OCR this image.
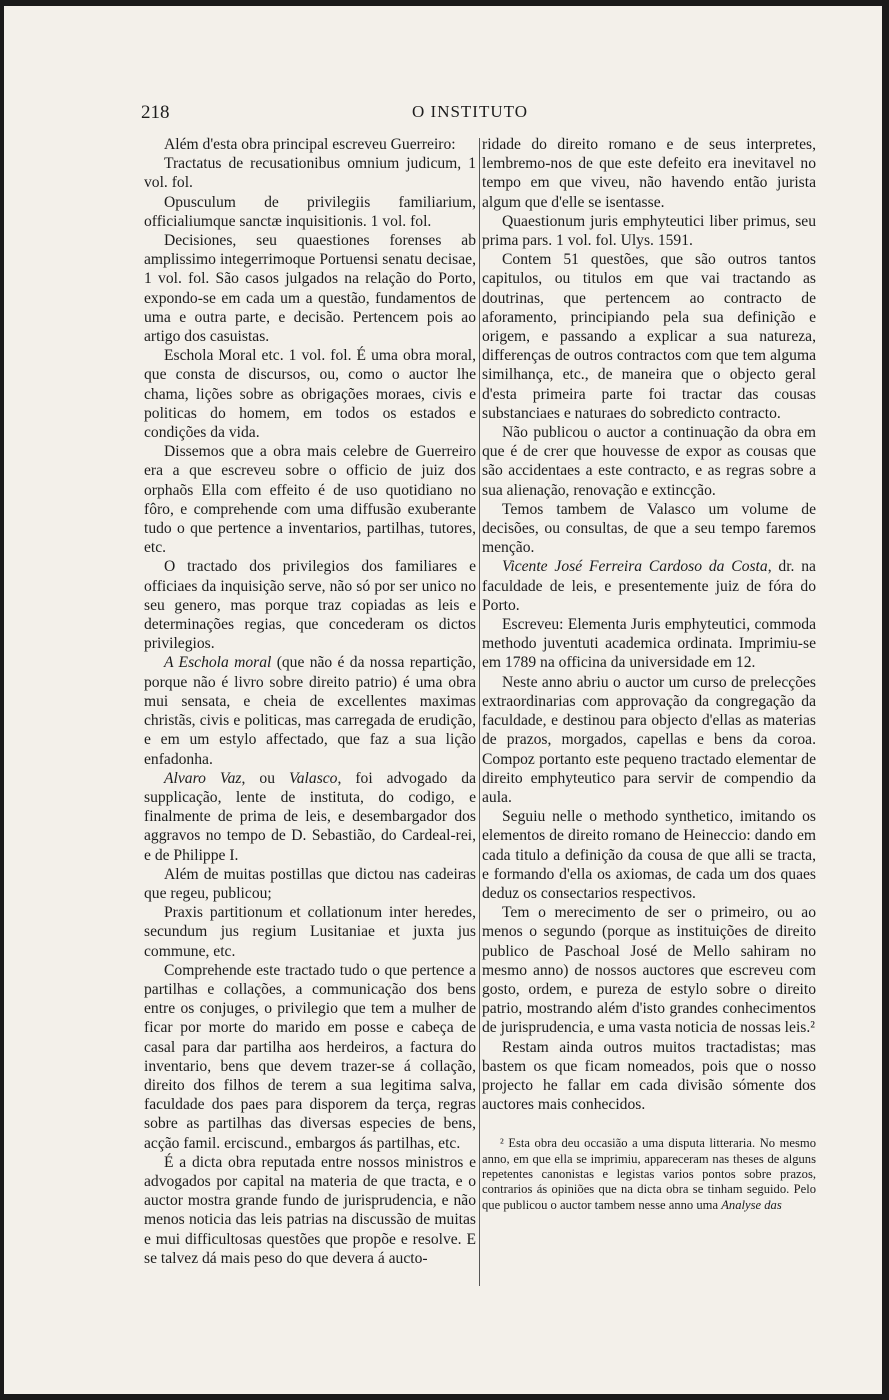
218	O INSTITUTO

Além d'esta obra principal escreveu Guerreiro:

Tractatus de recusationibus omnium judicum, 1 vol. fol.

Opusculum de privilegiis familiarium, officialiumque sanctæ inquisitionis. 1 vol. fol.

Decisiones, seu quaestiones forenses ab amplissimo integerrimoque Portuensi senatu decisae, 1 vol. fol. São casos julgados na relação do Porto, expondo-se em cada um a questão, fundamentos de uma e outra parte, e decisão. Pertencem pois ao artigo dos casuistas.

Eschola Moral etc. 1 vol. fol. É uma obra moral, que consta de discursos, ou, como o auctor lhe chama, lições sobre as obrigações moraes, civis e politicas do homem, em todos os estados e condições da vida.

Dissemos que a obra mais celebre de Guerreiro era a que escreveu sobre o officio de juiz dos orphaõs Ella com effeito é de uso quotidiano no fôro, e comprehende com uma diffusão exuberante tudo o que pertence a inventarios, partilhas, tutores, etc.

O tractado dos privilegios dos familiares e officiaes da inquisição serve, não só por ser unico no seu genero, mas porque traz copiadas as leis e determinações regias, que concederam os dictos privilegios.

A Eschola moral (que não é da nossa repartição, porque não é livro sobre direito patrio) é uma obra mui sensata, e cheia de excellentes maximas christãs, civis e politicas, mas carregada de erudição, e em um estylo affectado, que faz a sua lição enfadonha.

Alvaro Vaz, ou Valasco, foi advogado da supplicação, lente de instituta, do codigo, e finalmente de prima de leis, e desembargador dos aggravos no tempo de D. Sebastião, do Cardeal-rei, e de Philippe I.

Além de muitas postillas que dictou nas cadeiras que regeu, publicou;

Praxis partitionum et collationum inter heredes, secundum jus regium Lusitaniae et juxta jus commune, etc.

Comprehende este tractado tudo o que pertence a partilhas e collações, a communicação dos bens entre os conjuges, o privilegio que tem a mulher de ficar por morte do marido em posse e cabeça de casal para dar partilha aos herdeiros, a factura do inventario, bens que devem trazer-se á collação, direito dos filhos de terem a sua legitima salva, faculdade dos paes para disporem da terça, regras sobre as partilhas das diversas especies de bens, acção famil. erciscund., embargos ás partilhas, etc.

É a dicta obra reputada entre nossos ministros e advogados por capital na materia de que tracta, e o auctor mostra grande fundo de jurisprudencia, e não menos noticia das leis patrias na discussão de muitas e mui difficultosas questões que propõe e resolve. E se talvez dá mais peso do que devera á aucto-

ridade do direito romano e de seus interpretes, lembremo-nos de que este defeito era inevitavel no tempo em que viveu, não havendo então jurista algum que d'elle se isentasse.

Quaestionum juris emphyteutici liber primus, seu prima pars. 1 vol. fol. Ulys. 1591.

Contem 51 questões, que são outros tantos capitulos, ou titulos em que vai tractando as doutrinas, que pertencem ao contracto de aforamento, principiando pela sua definição e origem, e passando a explicar a sua natureza, differenças de outros contractos com que tem alguma similhança, etc., de maneira que o objecto geral d'esta primeira parte foi tractar das cousas substanciaes e naturaes do sobredicto contracto.

Não publicou o auctor a continuação da obra em que é de crer que houvesse de expor as cousas que são accidentaes a este contracto, e as regras sobre a sua alienação, renovação e extincção.

Temos tambem de Valasco um volume de decisões, ou consultas, de que a seu tempo faremos menção.

Vicente José Ferreira Cardoso da Costa, dr. na faculdade de leis, e presentemente juiz de fóra do Porto.

Escreveu: Elementa Juris emphyteutici, commoda methodo juventuti academica ordinata. Imprimiu-se em 1789 na officina da universidade em 12.

Neste anno abriu o auctor um curso de prelecções extraordinarias com approvação da congregação da faculdade, e destinou para objecto d'ellas as materias de prazos, morgados, capellas e bens da coroa. Compoz portanto este pequeno tractado elementar de direito emphyteutico para servir de compendio da aula.

Seguiu nelle o methodo synthetico, imitando os elementos de direito romano de Heineccio: dando em cada titulo a definição da cousa de que alli se tracta, e formando d'ella os axiomas, de cada um dos quaes deduz os consectarios respectivos.

Tem o merecimento de ser o primeiro, ou ao menos o segundo (porque as instituições de direito publico de Paschoal José de Mello sahiram no mesmo anno) de nossos auctores que escreveu com gosto, ordem, e pureza de estylo sobre o direito patrio, mostrando além d'isto grandes conhecimentos de jurisprudencia, e uma vasta noticia de nossas leis.²

Restam ainda outros muitos tractadistas; mas bastem os que ficam nomeados, pois que o nosso projecto he fallar em cada divisão sómente dos auctores mais conhecidos.

² Esta obra deu occasião a uma disputa litteraria. No mesmo anno, em que ella se imprimiu, appareceram nas theses de alguns repetentes canonistas e legistas varios pontos sobre prazos, contrarios ás opiniões que na dicta obra se tinham seguido. Pelo que publicou o auctor tambem nesse anno uma Analyse das
